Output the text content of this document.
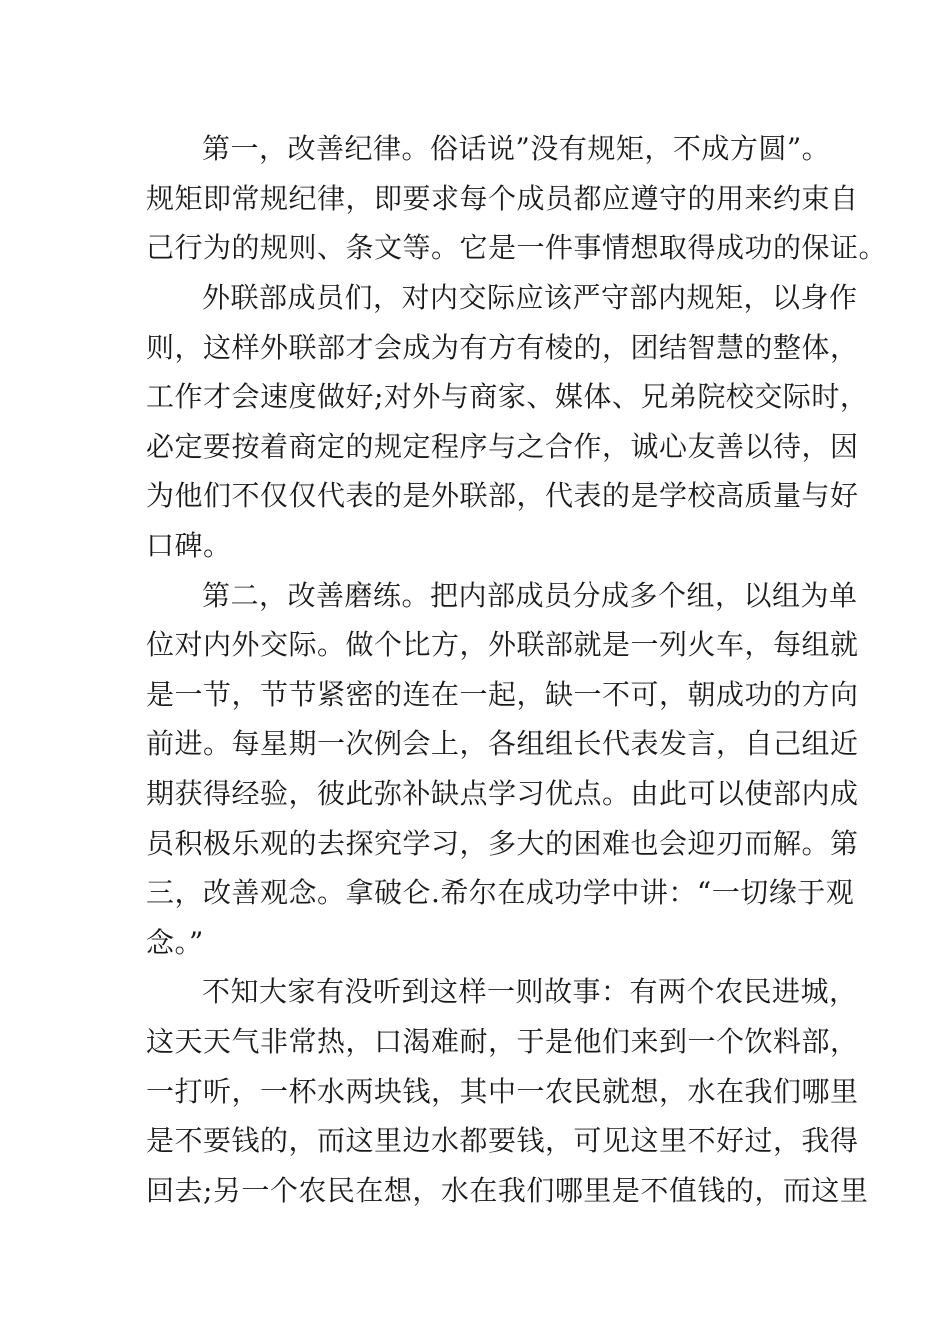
第一，改善纪律。俗话说”没有规矩，不成方圆”。
规矩即常规纪律，即要求每个成员都应遵守的用来约束自
己行为的规则、条文等。它是一件事情想取得成功的保证。
外联部成员们，对内交际应该严守部内规矩，以身作
则，这样外联部才会成为有方有棱的，团结智慧的整体，
工作才会速度做好;对外与商家、媒体、兄弟院校交际时，
必定要按着商定的规定程序与之合作，诚心友善以待，因
为他们不仅仅代表的是外联部，代表的是学校高质量与好
口碑。
第二，改善磨练。把内部成员分成多个组，以组为单
位对内外交际。做个比方，外联部就是一列火车，每组就
是一节，节节紧密的连在一起，缺一不可，朝成功的方向
前进。每星期一次例会上，各组组长代表发言，自己组近
期获得经验，彼此弥补缺点学习优点。由此可以使部内成
员积极乐观的去探究学习，多大的困难也会迎刃而解。第
三，改善观念。拿破仑.希尔在成功学中讲：“一切缘于观
念。”
不知大家有没听到这样一则故事：有两个农民进城，
这天天气非常热，口渴难耐，于是他们来到一个饮料部，
一打听，一杯水两块钱，其中一农民就想，水在我们哪里
是不要钱的，而这里边水都要钱，可见这里不好过，我得
回去;另一个农民在想，水在我们哪里是不值钱的，而这里
